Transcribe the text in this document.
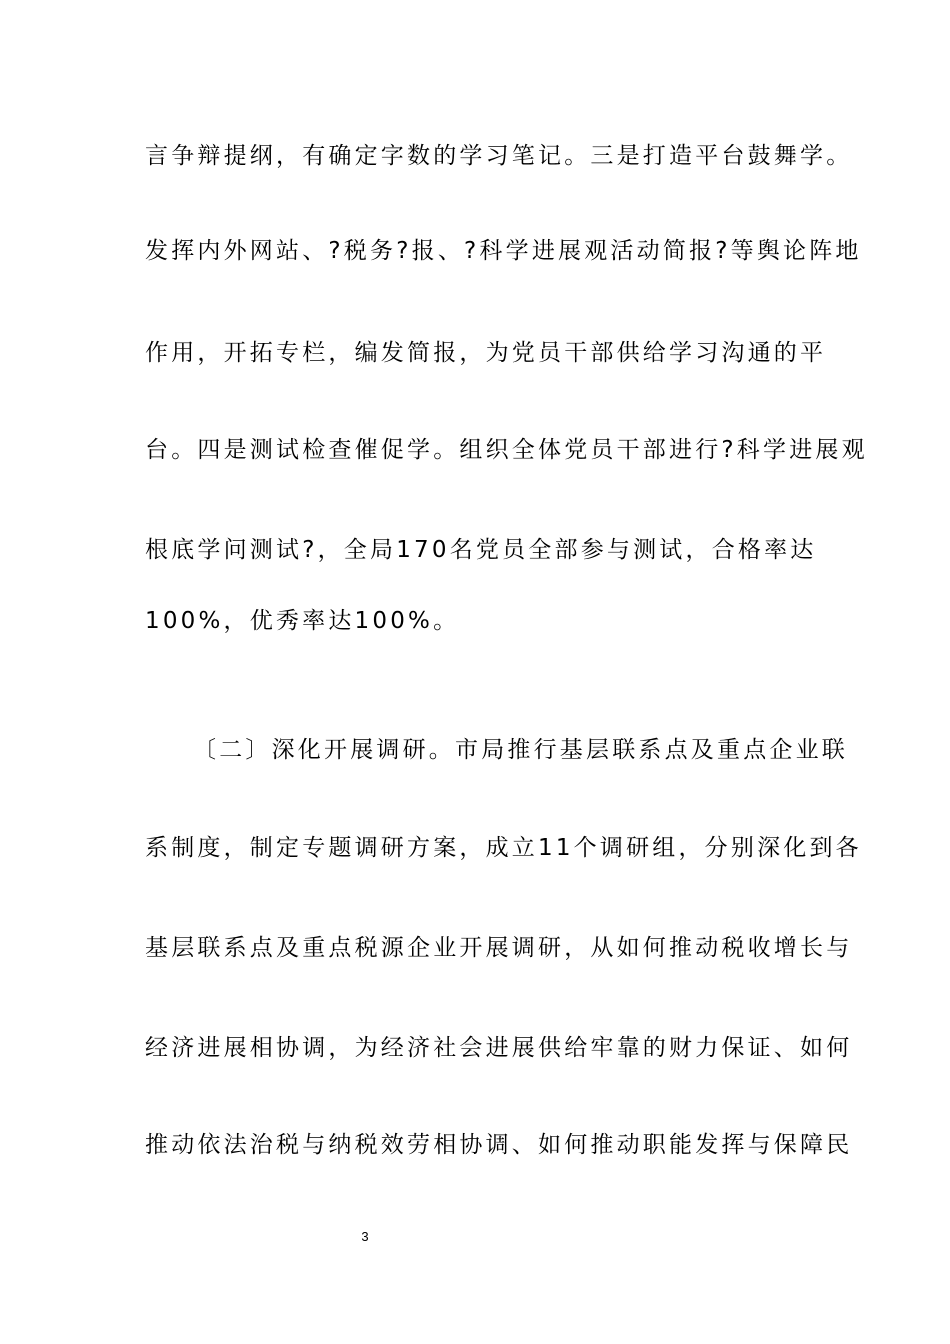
言争辩提纲，有确定字数的学习笔记。三是打造平台鼓舞学。
发挥内外网站、?税务?报、?科学进展观活动简报?等舆论阵地
作用，开拓专栏，编发简报，为党员干部供给学习沟通的平
台。四是测试检查催促学。组织全体党员干部进行?科学进展观
根底学问测试?，全局170名党员全部参与测试，合格率达
100%，优秀率达100%。
〔二〕深化开展调研。市局推行基层联系点及重点企业联
系制度，制定专题调研方案，成立11个调研组，分别深化到各
基层联系点及重点税源企业开展调研，从如何推动税收增长与
经济进展相协调，为经济社会进展供给牢靠的财力保证、如何
推动依法治税与纳税效劳相协调、如何推动职能发挥与保障民
3
